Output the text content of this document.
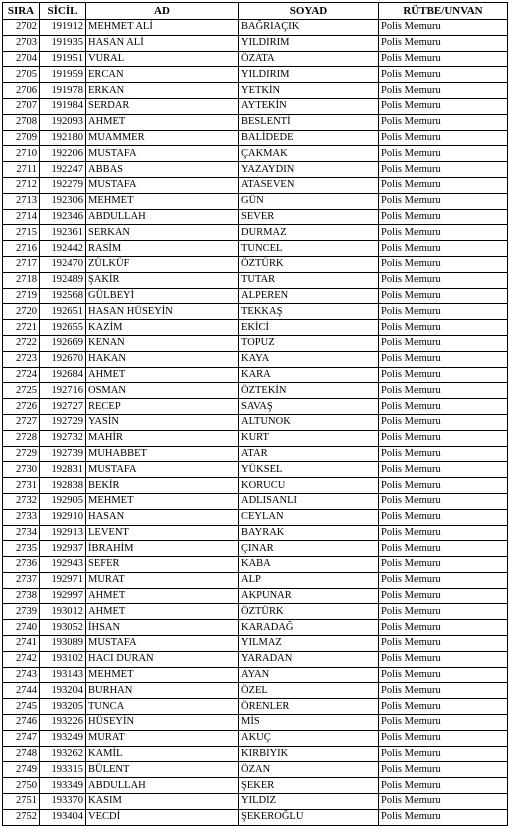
SIRA	SİCİL	AD	SOYAD	RÜTBE/UNVAN
2702	191912	MEHMET ALİ	BAĞRIAÇIK	Polis Memuru
2703	191935	HASAN ALİ	YILDIRIM	Polis Memuru
2704	191951	VURAL	ÖZATA	Polis Memuru
2705	191959	ERCAN	YILDIRIM	Polis Memuru
2706	191978	ERKAN	YETKİN	Polis Memuru
2707	191984	SERDAR	AYTEKİN	Polis Memuru
2708	192093	AHMET	BESLENTİ	Polis Memuru
2709	192180	MUAMMER	BALİDEDE	Polis Memuru
2710	192206	MUSTAFA	ÇAKMAK	Polis Memuru
2711	192247	ABBAS	YAZAYDIN	Polis Memuru
2712	192279	MUSTAFA	ATASEVEN	Polis Memuru
2713	192306	MEHMET	GÜN	Polis Memuru
2714	192346	ABDULLAH	SEVER	Polis Memuru
2715	192361	SERKAN	DURMAZ	Polis Memuru
2716	192442	RASİM	TUNCEL	Polis Memuru
2717	192470	ZÜLKÜF	ÖZTÜRK	Polis Memuru
2718	192489	ŞAKİR	TUTAR	Polis Memuru
2719	192568	GÜLBEYİ	ALPEREN	Polis Memuru
2720	192651	HASAN HÜSEYİN	TEKKAŞ	Polis Memuru
2721	192655	KAZİM	EKİCİ	Polis Memuru
2722	192669	KENAN	TOPUZ	Polis Memuru
2723	192670	HAKAN	KAYA	Polis Memuru
2724	192684	AHMET	KARA	Polis Memuru
2725	192716	OSMAN	ÖZTEKİN	Polis Memuru
2726	192727	RECEP	SAVAŞ	Polis Memuru
2727	192729	YASİN	ALTUNOK	Polis Memuru
2728	192732	MAHİR	KURT	Polis Memuru
2729	192739	MUHABBET	ATAR	Polis Memuru
2730	192831	MUSTAFA	YÜKSEL	Polis Memuru
2731	192838	BEKİR	KORUCU	Polis Memuru
2732	192905	MEHMET	ADLISANLI	Polis Memuru
2733	192910	HASAN	CEYLAN	Polis Memuru
2734	192913	LEVENT	BAYRAK	Polis Memuru
2735	192937	İBRAHİM	ÇINAR	Polis Memuru
2736	192943	SEFER	KABA	Polis Memuru
2737	192971	MURAT	ALP	Polis Memuru
2738	192997	AHMET	AKPUNAR	Polis Memuru
2739	193012	AHMET	ÖZTÜRK	Polis Memuru
2740	193052	İHSAN	KARADAĞ	Polis Memuru
2741	193089	MUSTAFA	YILMAZ	Polis Memuru
2742	193102	HACI DURAN	YARADAN	Polis Memuru
2743	193143	MEHMET	AYAN	Polis Memuru
2744	193204	BURHAN	ÖZEL	Polis Memuru
2745	193205	TUNCA	ÖRENLER	Polis Memuru
2746	193226	HÜSEYİN	MİS	Polis Memuru
2747	193249	MURAT	AKUÇ	Polis Memuru
2748	193262	KAMİL	KIRBIYIK	Polis Memuru
2749	193315	BÜLENT	ÖZAN	Polis Memuru
2750	193349	ABDULLAH	ŞEKER	Polis Memuru
2751	193370	KASIM	YILDIZ	Polis Memuru
2752	193404	VECDİ	ŞEKEROĞLU	Polis Memuru
